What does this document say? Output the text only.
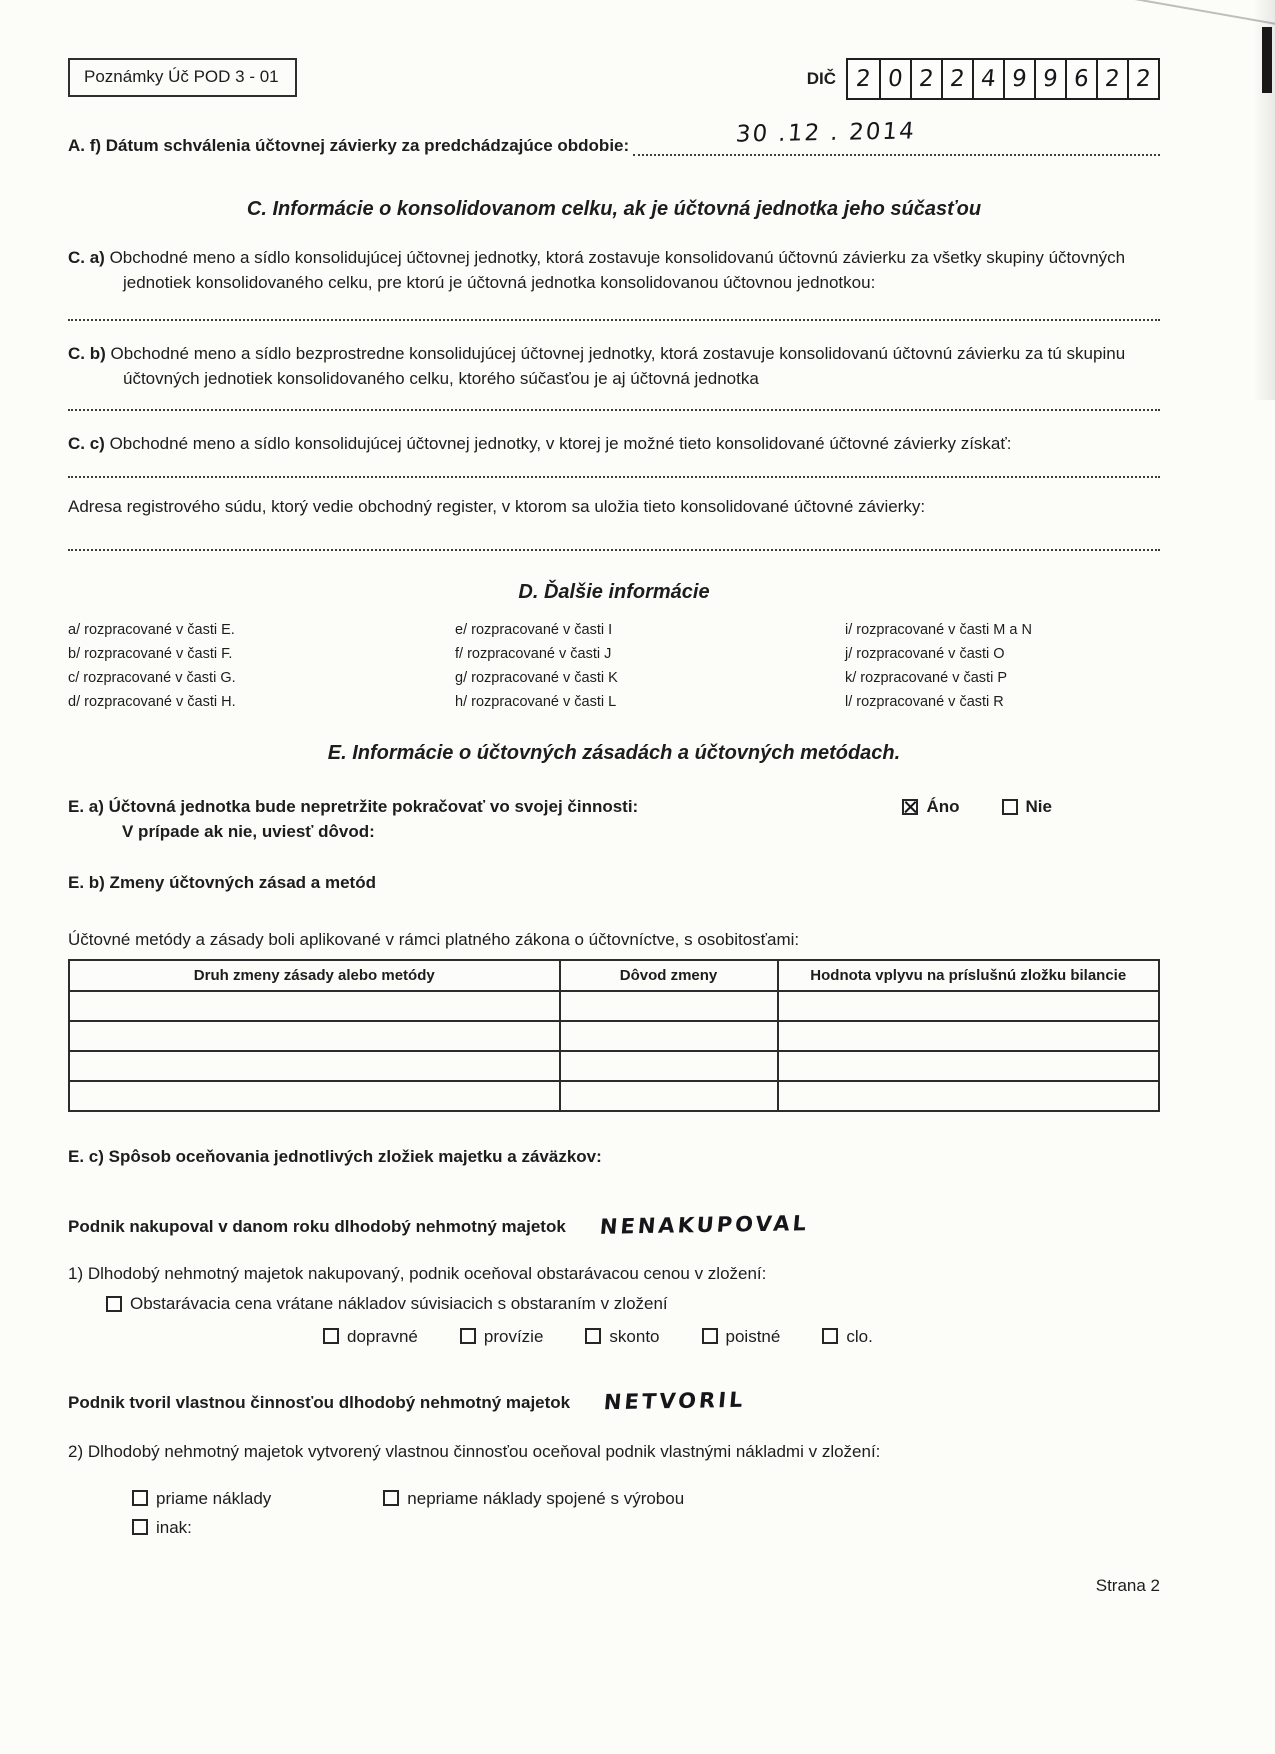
Poznámky Úč POD 3 - 01	DIČ 2 0 2 2 4 9 9 6 2 2
A. f) Dátum schválenia účtovnej závierky za predchádzajúce obdobie:	30 .12 . 2014
C. Informácie o konsolidovanom celku, ak je účtovná jednotka jeho súčasťou
C. a) Obchodné meno a sídlo konsolidujúcej účtovnej jednotky, ktorá zostavuje konsolidovanú účtovnú závierku za všetky skupiny účtovných jednotiek konsolidovaného celku, pre ktorú je účtovná jednotka konsolidovanou účtovnou jednotkou:
C. b) Obchodné meno a sídlo bezprostredne konsolidujúcej účtovnej jednotky, ktorá zostavuje konsolidovanú účtovnú závierku za tú skupinu účtovných jednotiek konsolidovaného celku, ktorého súčasťou je aj účtovná jednotka
C. c) Obchodné meno a sídlo konsolidujúcej účtovnej jednotky, v ktorej je možné tieto konsolidované účtovné závierky získať:
Adresa registrového súdu, ktorý vedie obchodný register, v ktorom sa uložia tieto konsolidované účtovné závierky:
D. Ďalšie informácie
a/ rozpracované v časti E.
b/ rozpracované v časti F.
c/ rozpracované v časti G.
d/ rozpracované v časti H.
e/ rozpracované v časti I
f/ rozpracované v časti J
g/ rozpracované v časti K
h/ rozpracované v časti L
i/ rozpracované v časti M a N
j/ rozpracované v časti O
k/ rozpracované v časti P
l/ rozpracované v časti R
E. Informácie o účtovných zásadách a účtovných metódach.
E. a) Účtovná jednotka bude nepretržite pokračovať vo svojej činnosti:	Áno	Nie
V prípade ak nie, uviesť dôvod:
E. b) Zmeny účtovných zásad a metód
Účtovné metódy a zásady boli aplikované v rámci platného zákona o účtovníctve, s osobitosťami:
Druh zmeny zásady alebo metódy	Dôvod zmeny	Hodnota vplyvu na príslušnú zložku bilancie

E. c) Spôsob oceňovania jednotlivých zložiek majetku a záväzkov:
Podnik nakupoval v danom roku dlhodobý nehmotný majetok NENAKUPOVAL
1) Dlhodobý nehmotný majetok nakupovaný, podnik oceňoval obstarávacou cenou v zložení:
Obstarávacia cena vrátane nákladov súvisiacich s obstaraním v zložení
dopravné	provízie	skonto	poistné	clo.
Podnik tvoril vlastnou činnosťou dlhodobý nehmotný majetok NETVORIL
2) Dlhodobý nehmotný majetok vytvorený vlastnou činnosťou oceňoval podnik vlastnými nákladmi v zložení:
priame náklady	nepriame náklady spojené s výrobou
inak:
Strana 2
